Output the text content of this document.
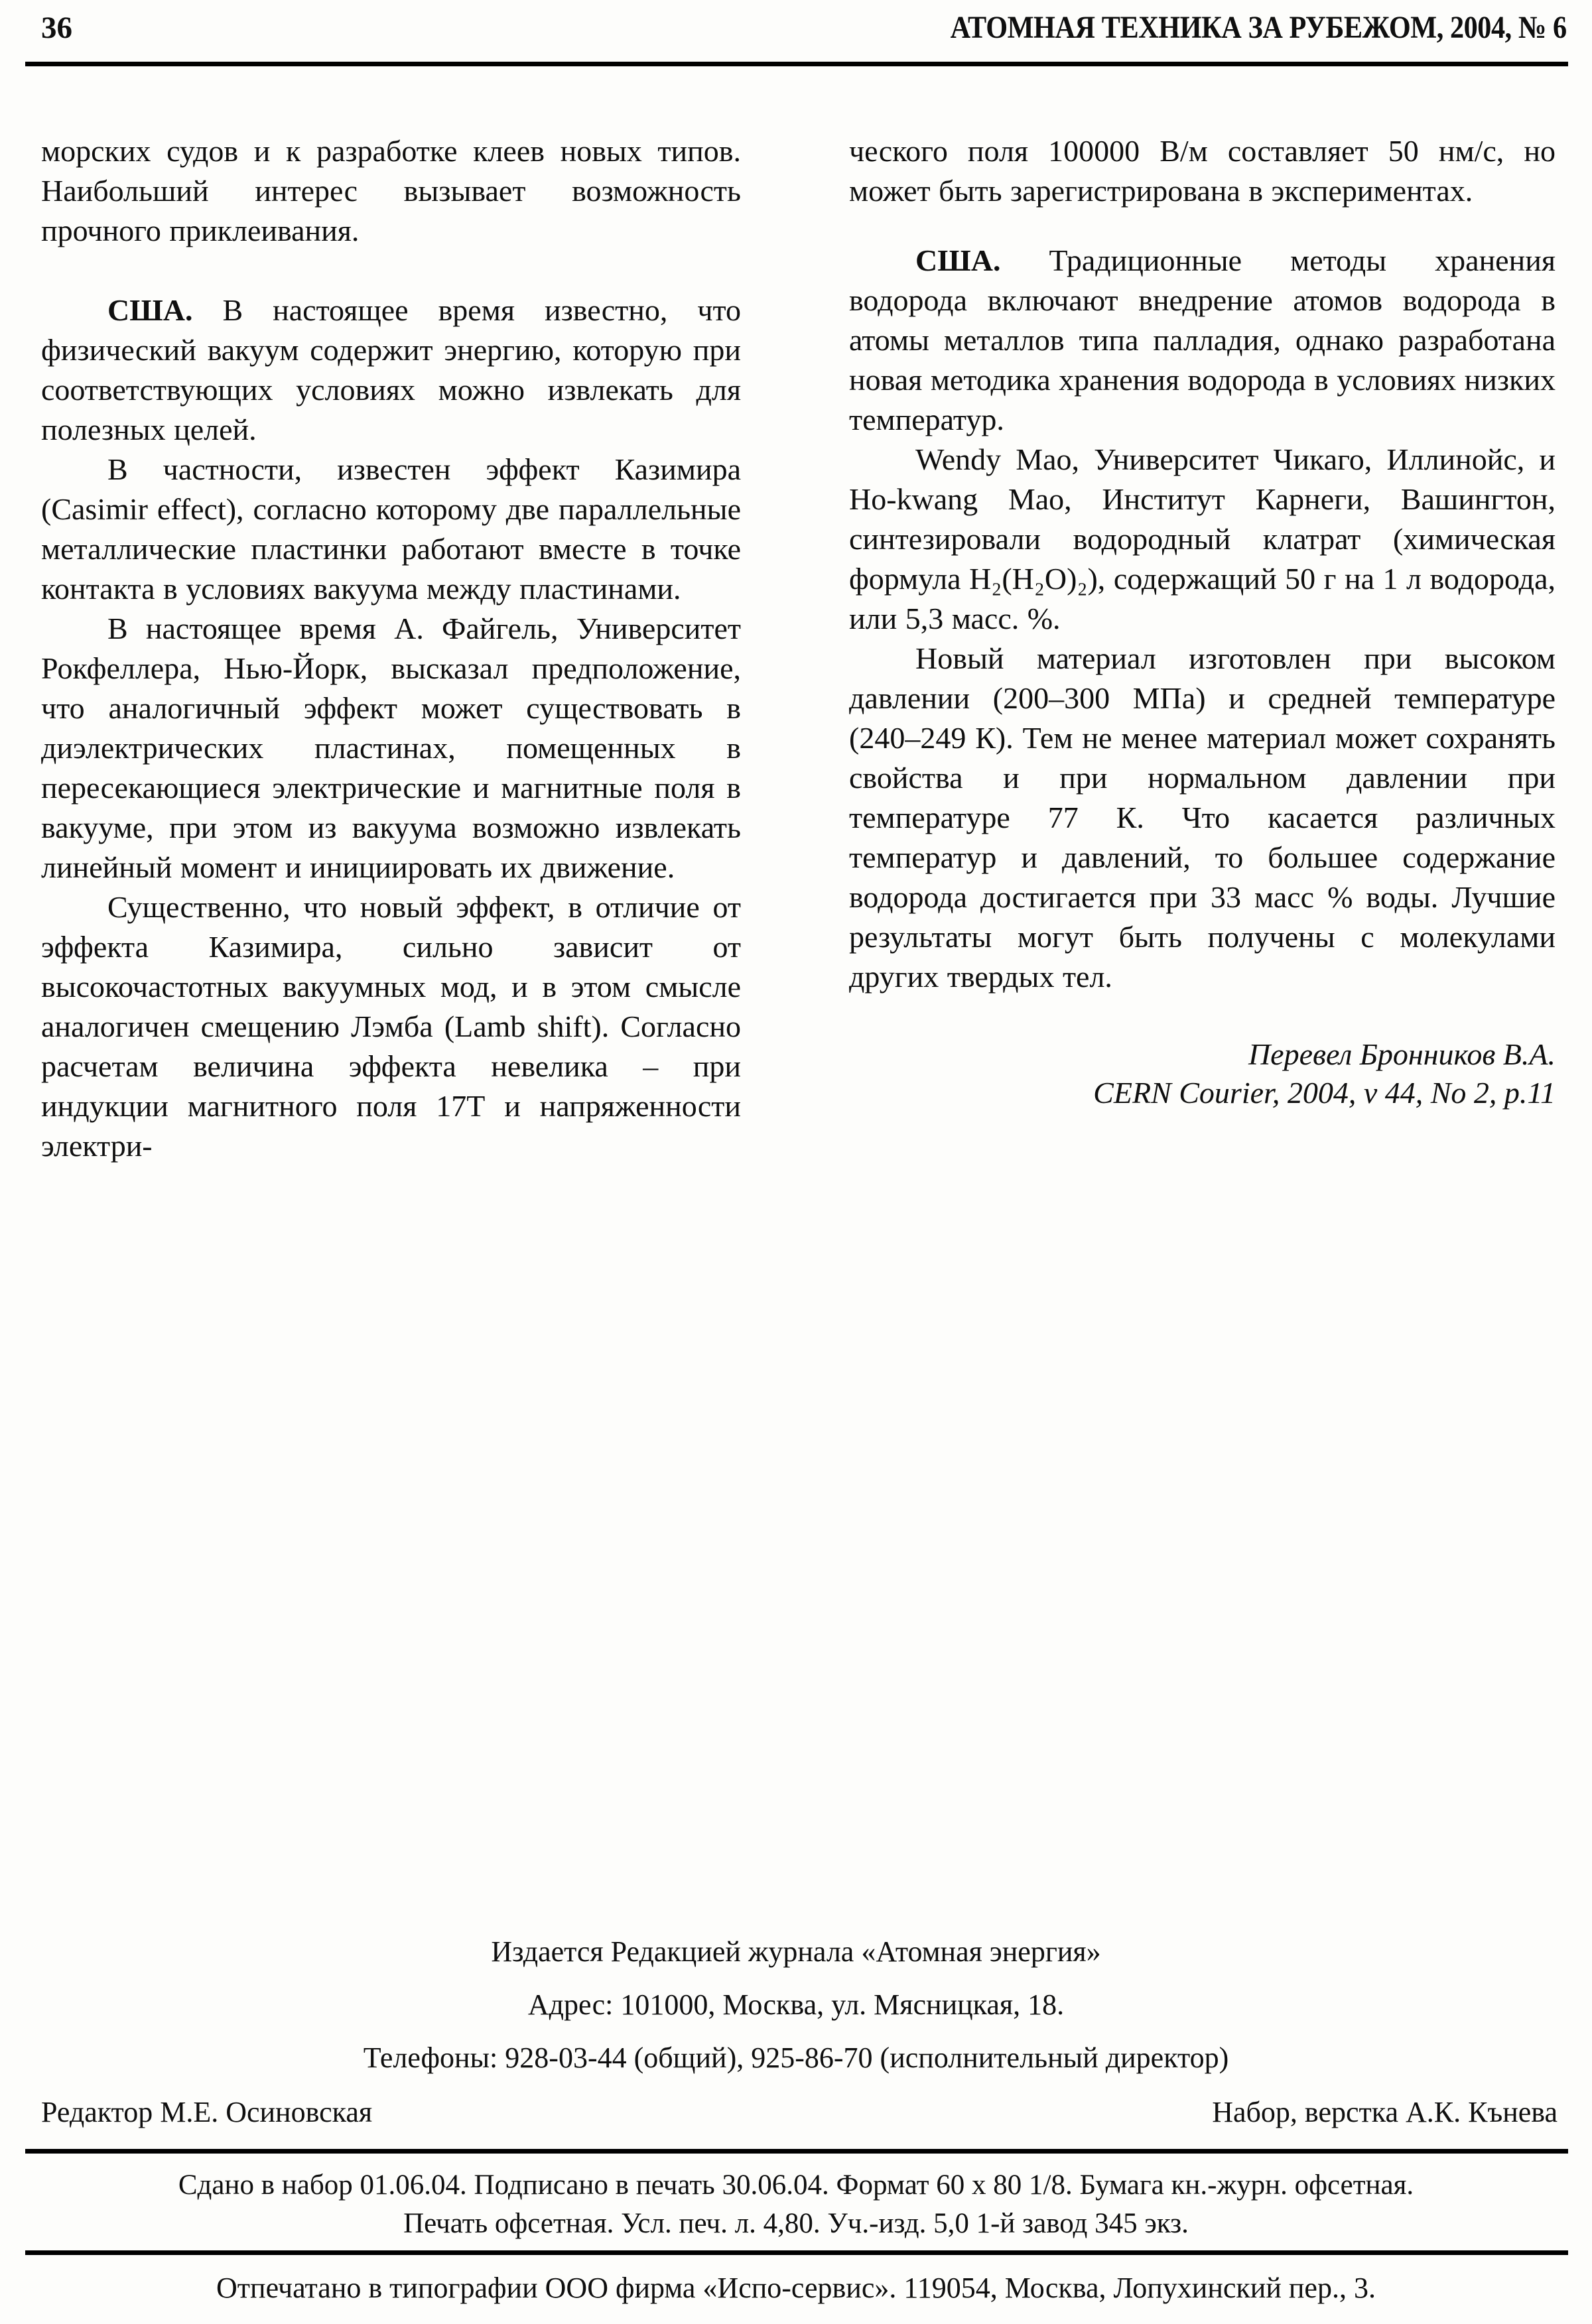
36	АТОМНАЯ ТЕХНИКА ЗА РУБЕЖОМ, 2004, № 6

морских судов и к разработке клеев новых типов. Наибольший интерес вызывает возможность прочного приклеивания.

США. В настоящее время известно, что физический вакуум содержит энергию, которую при соответствующих условиях можно извлекать для полезных целей.

В частности, известен эффект Казимира (Casimir effect), согласно которому две параллельные металлические пластинки работают вместе в точке контакта в условиях вакуума между пластинами.

В настоящее время А. Файгель, Университет Рокфеллера, Нью-Йорк, высказал предположение, что аналогичный эффект может существовать в диэлектрических пластинах, помещенных в пересекающиеся электрические и магнитные поля в вакууме, при этом из вакуума возможно извлекать линейный момент и инициировать их движение.

Существенно, что новый эффект, в отличие от эффекта Казимира, сильно зависит от высокочастотных вакуумных мод, и в этом смысле аналогичен смещению Лэмба (Lamb shift). Согласно расчетам величина эффекта невелика – при индукции магнитного поля 17Т и напряженности электри-

ческого поля 100000 В/м составляет 50 нм/с, но может быть зарегистрирована в экспериментах.

США. Традиционные методы хранения водорода включают внедрение атомов водорода в атомы металлов типа палладия, однако разработана новая методика хранения водорода в условиях низких температур.

Wendy Mao, Университет Чикаго, Иллинойс, и Ho-kwang Mao, Институт Карнеги, Вашингтон, синтезировали водородный клатрат (химическая формула H₂(H₂O)₂), содержащий 50 г на 1 л водорода, или 5,3 масс. %.

Новый материал изготовлен при высоком давлении (200–300 МПа) и средней температуре (240–249 К). Тем не менее материал может сохранять свойства и при нормальном давлении при температуре 77 К. Что касается различных температур и давлений, то большее содержание водорода достигается при 33 масс % воды. Лучшие результаты могут быть получены с молекулами других твердых тел.

Перевел Бронников В.А.
CERN Courier, 2004, v 44, No 2, p.11
Издается Редакцией журнала «Атомная энергия»
Адрес: 101000, Москва, ул. Мясницкая, 18.
Телефоны: 928-03-44 (общий), 925-86-70 (исполнительный директор)
Редактор М.Е. Осиновская	Набор, верстка А.К. Кънева
Сдано в набор 01.06.04. Подписано в печать 30.06.04. Формат 60 х 80 1/8. Бумага кн.-журн. офсетная.
Печать офсетная. Усл. печ. л. 4,80. Уч.-изд. 5,0 1-й завод 345 экз.
Отпечатано в типографии ООО фирма «Испо-сервис». 119054, Москва, Лопухинский пер., 3.
